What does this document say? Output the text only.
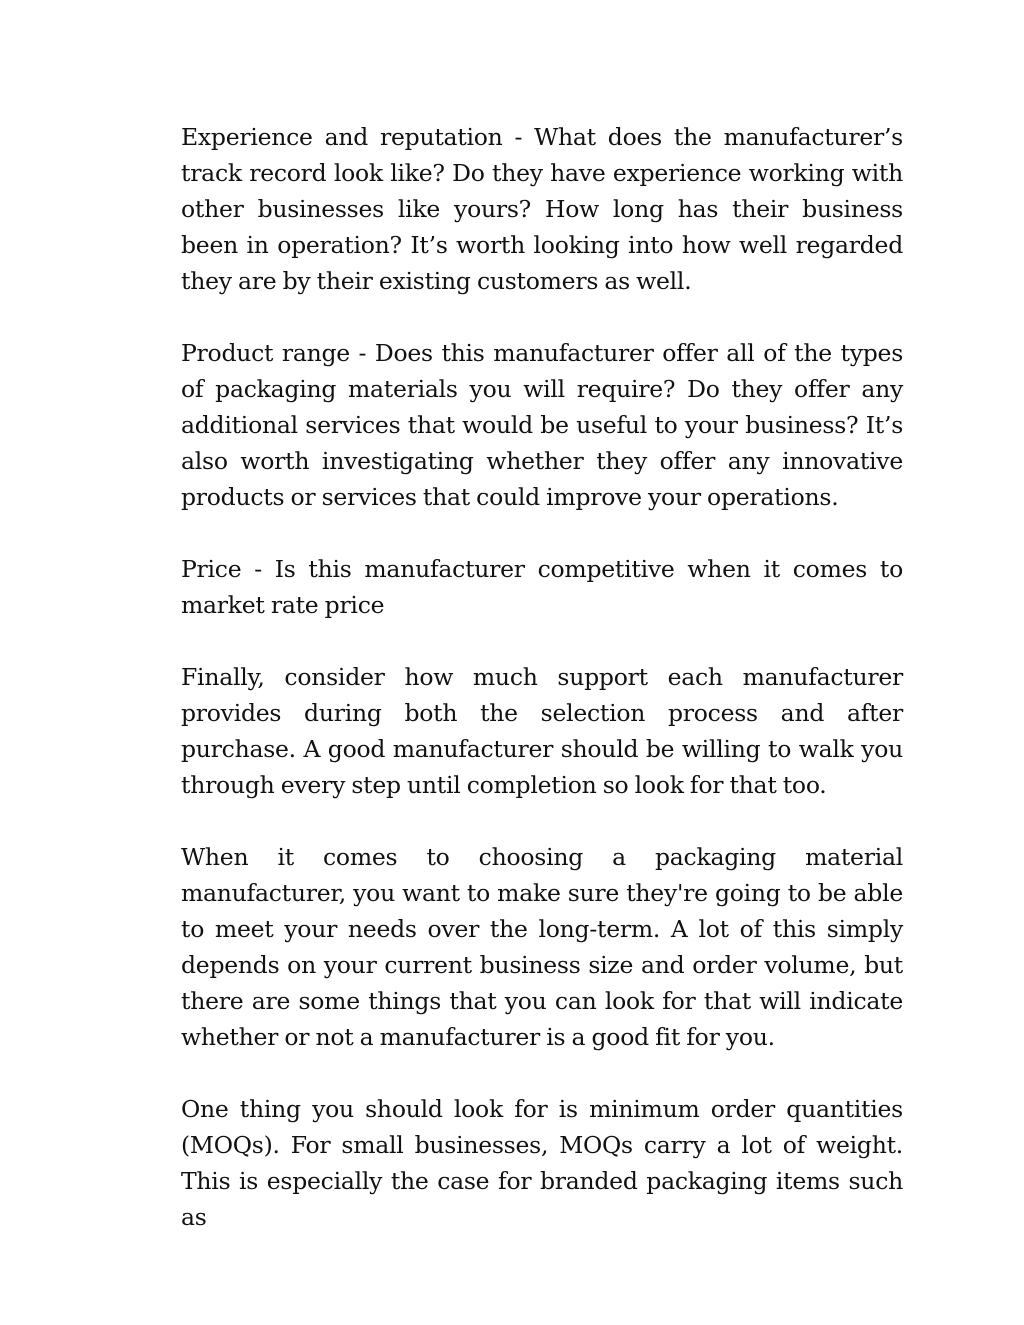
Experience and reputation - What does the manufacturer’s track record look like? Do they have experience working with other businesses like yours? How long has their business been in operation? It’s worth looking into how well regarded they are by their existing customers as well.

Product range - Does this manufacturer offer all of the types of packaging materials you will require? Do they offer any additional services that would be useful to your business? It’s also worth investigating whether they offer any innovative products or services that could improve your operations.

Price - Is this manufacturer competitive when it comes to market rate price

Finally, consider how much support each manufacturer provides during both the selection process and after purchase. A good manufacturer should be willing to walk you through every step until completion so look for that too.

When it comes to choosing a packaging material manufacturer, you want to make sure they're going to be able to meet your needs over the long-term. A lot of this simply depends on your current business size and order volume, but there are some things that you can look for that will indicate whether or not a manufacturer is a good fit for you.

One thing you should look for is minimum order quantities (MOQs). For small businesses, MOQs carry a lot of weight. This is especially the case for branded packaging items such as
